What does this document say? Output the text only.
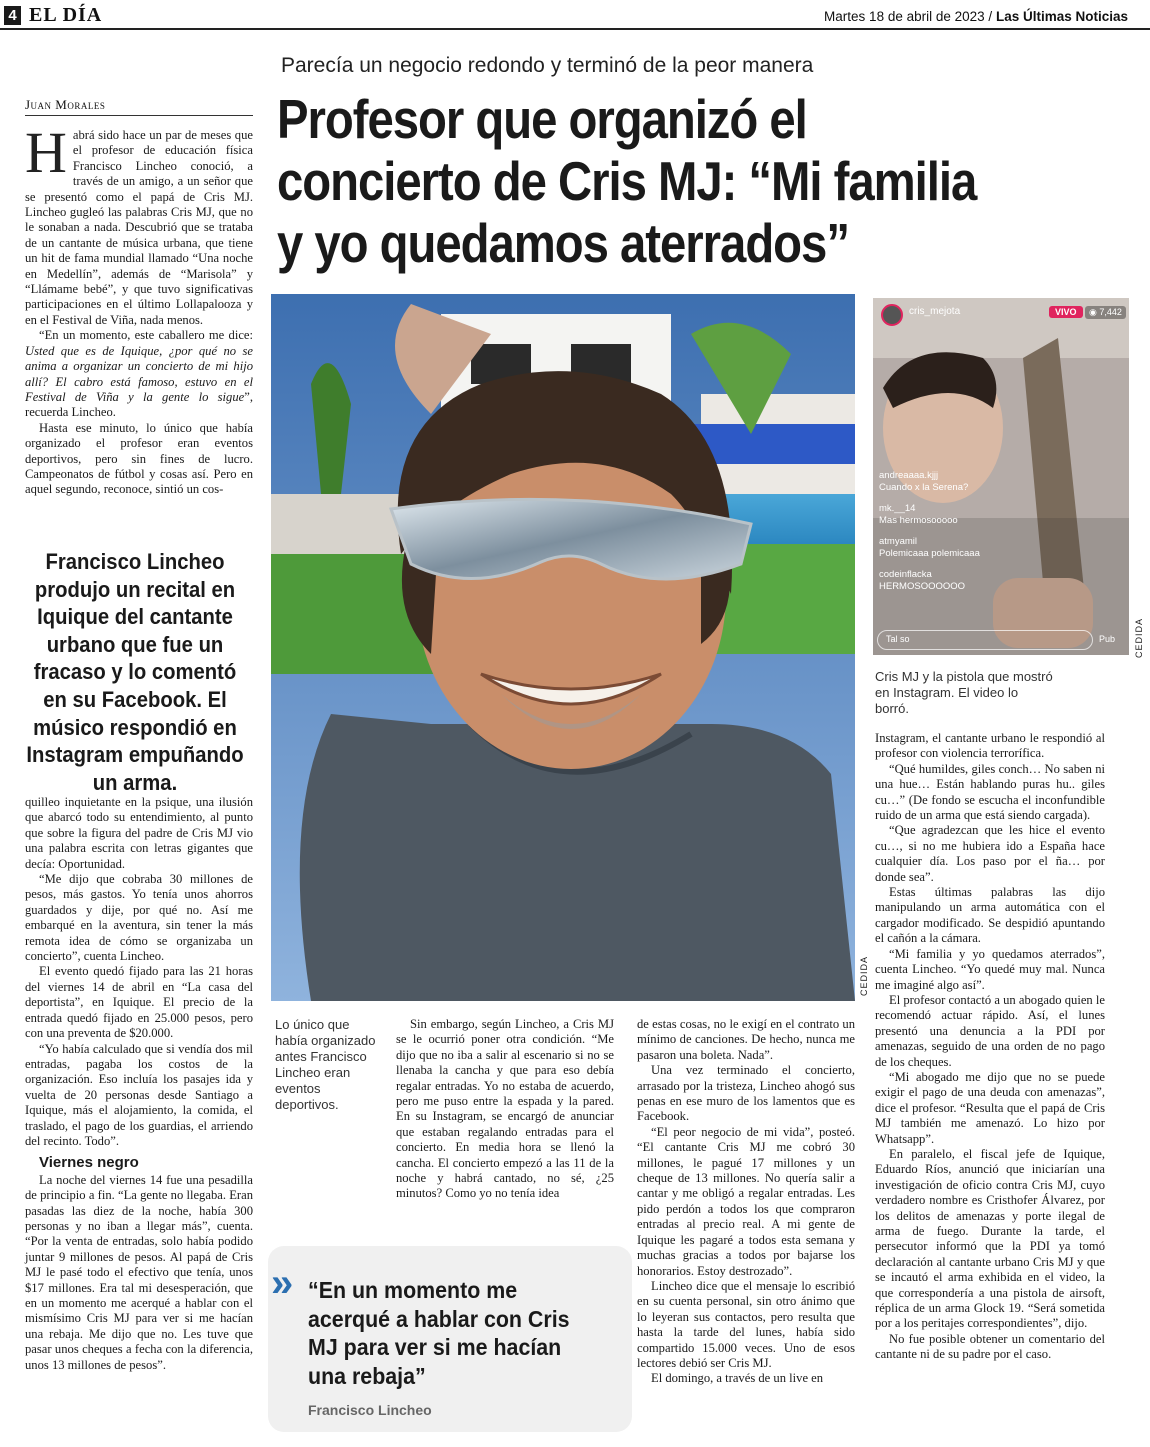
4 EL DÍA	Martes 18 de abril de 2023 / Las Últimas Noticias
Parecía un negocio redondo y terminó de la peor manera
Profesor que organizó el concierto de Cris MJ: “Mi familia y yo quedamos aterrados”
Juan Morales

Habrá sido hace un par de meses que el profesor de educación física Francisco Lincheo conoció, a través de un amigo, a un señor que se presentó como el papá de Cris MJ. Lincheo gugleó las palabras Cris MJ, que no le sonaban a nada. Descubrió que se trataba de un cantante de música urbana, que tiene un hit de fama mundial llamado “Una noche en Medellín”, además de “Marisola” y “Llámame bebé”, y que tuvo significativas participaciones en el último Lollapalooza y en el Festival de Viña, nada menos.

“En un momento, este caballero me dice: Usted que es de Iquique, ¿por qué no se anima a organizar un concierto de mi hijo allí? El cabro está famoso, estuvo en el Festival de Viña y la gente lo sigue”, recuerda Lincheo.

Hasta ese minuto, lo único que había organizado el profesor eran eventos deportivos, pero sin fines de lucro. Campeonatos de fútbol y cosas así. Pero en aquel segundo, reconoce, sintió un cos-

Francisco Lincheo produjo un recital en Iquique del cantante urbano que fue un fracaso y lo comentó en su Facebook. El músico respondió en Instagram empuñando un arma.

quilleo inquietante en la psique, una ilusión que abarcó todo su entendimiento, al punto que sobre la figura del padre de Cris MJ vio una palabra escrita con letras gigantes que decía: Oportunidad.

“Me dijo que cobraba 30 millones de pesos, más gastos. Yo tenía unos ahorros guardados y dije, por qué no. Así me embarqué en la aventura, sin tener la más remota idea de cómo se organizaba un concierto”, cuenta Lincheo.

El evento quedó fijado para las 21 horas del viernes 14 de abril en “La casa del deportista”, en Iquique. El precio de la entrada quedó fijado en 25.000 pesos, pero con una preventa de $20.000.

“Yo había calculado que si vendía dos mil entradas, pagaba los costos de la organización. Eso incluía los pasajes ida y vuelta de 20 personas desde Santiago a Iquique, más el alojamiento, la comida, el traslado, el pago de los guardias, el arriendo del recinto. Todo”.

Viernes negro

La noche del viernes 14 fue una pesadilla de principio a fin. “La gente no llegaba. Eran pasadas las diez de la noche, había 300 personas y no iban a llegar más”, cuenta. “Por la venta de entradas, solo había podido juntar 9 millones de pesos. Al papá de Cris MJ le pasé todo el efectivo que tenía, unos $17 millones. Era tal mi desesperación, que en un momento me acerqué a hablar con el mismísimo Cris MJ para ver si me hacían una rebaja. Me dijo que no. Les tuve que pasar unos cheques a fecha con la diferencia, unos 13 millones de pesos”.

CEDIDA
Lo único que había organizado antes Francisco Lincheo eran eventos deportivos.

Sin embargo, según Lincheo, a Cris MJ se le ocurrió poner otra condición. “Me dijo que no iba a salir al escenario si no se llenaba la cancha y que para eso debía regalar entradas. Yo no estaba de acuerdo, pero me puso entre la espada y la pared. En su Instagram, se encargó de anunciar que estaban regalando entradas para el concierto. En media hora se llenó la cancha. El concierto empezó a las 11 de la noche y habrá cantado, no sé, ¿25 minutos? Como yo no tenía idea

de estas cosas, no le exigí en el contrato un mínimo de canciones. De hecho, nunca me pasaron una boleta. Nada”.

Una vez terminado el concierto, arrasado por la tristeza, Lincheo ahogó sus penas en ese muro de los lamentos que es Facebook.

“El peor negocio de mi vida”, posteó. “El cantante Cris MJ me cobró 30 millones, le pagué 17 millones y un cheque de 13 millones. No quería salir a cantar y me obligó a regalar entradas. Les pido perdón a todos los que compraron entradas al precio real. A mi gente de Iquique les pagaré a todos esta semana y muchas gracias a todos por bajarse los honorarios. Estoy destrozado”.

Lincheo dice que el mensaje lo escribió en su cuenta personal, sin otro ánimo que lo leyeran sus contactos, pero resulta que hasta la tarde del lunes, había sido compartido 15.000 veces. Uno de esos lectores debió ser Cris MJ.

El domingo, a través de un live en

» “En un momento me acerqué a hablar con Cris MJ para ver si me hacían una rebaja”
Francisco Lincheo
cris_mejota	VIVO	◉ 7,442
andreaaaa.kjjj
Cuando x la Serena?
mk.__14
Mas hermosooooo
atmyamil
Polemicaaa polemicaaa
codeinflacka
HERMOSOOOOOO
Tal so	Pub CEDIDA
Cris MJ y la pistola que mostró en Instagram. El video lo borró.

Instagram, el cantante urbano le respondió al profesor con violencia terrorífica.

“Qué humildes, giles conch… No saben ni una hue… Están hablando puras hu.. giles cu…” (De fondo se escucha el inconfundible ruido de un arma que está siendo cargada).

“Que agradezcan que les hice el evento cu…, si no me hubiera ido a España hace cualquier día. Los paso por el ña… por donde sea”.

Estas últimas palabras las dijo manipulando un arma automática con el cargador modificado. Se despidió apuntando el cañón a la cámara.

“Mi familia y yo quedamos aterrados”, cuenta Lincheo. “Yo quedé muy mal. Nunca me imaginé algo así”.

El profesor contactó a un abogado quien le recomendó actuar rápido. Así, el lunes presentó una denuncia a la PDI por amenazas, seguido de una orden de no pago de los cheques.

“Mi abogado me dijo que no se puede exigir el pago de una deuda con amenazas”, dice el profesor. “Resulta que el papá de Cris MJ también me amenazó. Lo hizo por Whatsapp”.

En paralelo, el fiscal jefe de Iquique, Eduardo Ríos, anunció que iniciarían una investigación de oficio contra Cris MJ, cuyo verdadero nombre es Cristhofer Álvarez, por los delitos de amenazas y porte ilegal de arma de fuego. Durante la tarde, el persecutor informó que la PDI ya tomó declaración al cantante urbano Cris MJ y que se incautó el arma exhibida en el video, la que correspondería a una pistola de airsoft, réplica de un arma Glock 19. “Será sometida por a los peritajes correspondientes”, dijo.

No fue posible obtener un comentario del cantante ni de su padre por el caso.
